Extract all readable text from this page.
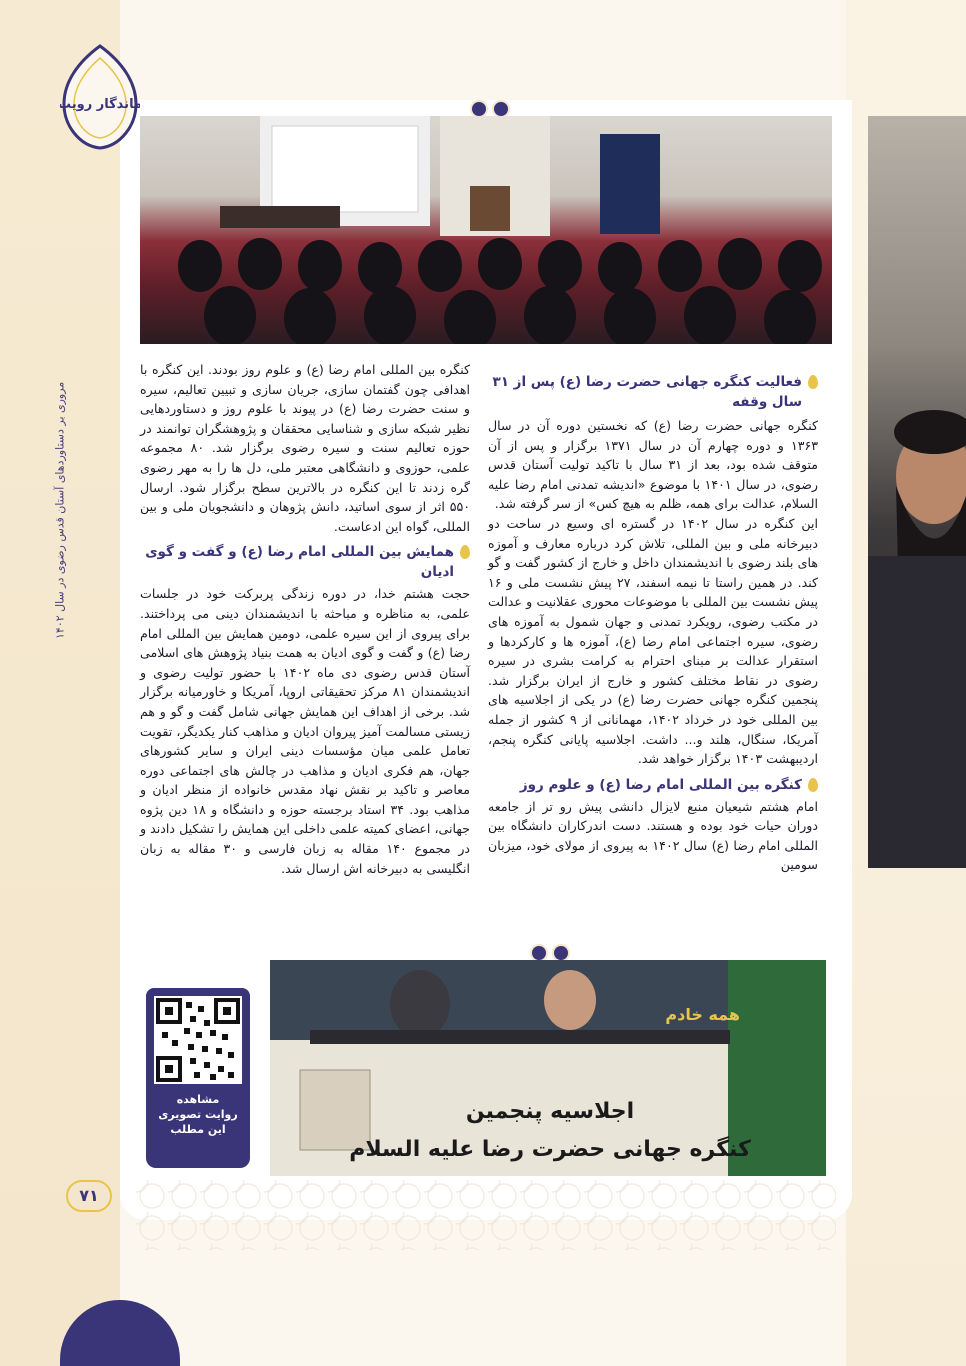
ماندگار رویت
مروری بر دستاوردهای آستان قدس رضوی در سال ۱۴۰۲	فعالیت کنگره جهانی حضرت رضا (ع) پس از ۳۱ سال وقفه

کنگره جهانی حضرت رضا (ع) که نخستین دوره آن در سال ۱۳۶۳ و دوره چهارم آن در سال ۱۳۷۱ برگزار و پس از آن متوقف شده بود، بعد از ۳۱ سال با تاکید تولیت آستان قدس رضوی، در سال ۱۴۰۱ با موضوع «اندیشه تمدنی امام رضا علیه السلام، عدالت برای همه، ظلم به هیچ کس» از سر گرفته شد.

این کنگره در سال ۱۴۰۲ در گستره ای وسیع در ساحت دو دبیرخانه ملی و بین المللی، تلاش کرد درباره معارف و آموزه های بلند رضوی با اندیشمندان داخل و خارج از کشور گفت و گو کند. در همین راستا تا نیمه اسفند، ۲۷ پیش نشست ملی و ۱۶ پیش نشست بین المللی با موضوعات محوری عقلانیت و عدالت در مکتب رضوی، رویکرد تمدنی و جهان شمول به آموزه های رضوی، سیره اجتماعی امام رضا (ع)، آموزه ها و کارکردها و استقرار عدالت بر مبنای احترام به کرامت بشری در سیره رضوی در نقاط مختلف کشور و خارج از ایران برگزار شد. پنجمین کنگره جهانی حضرت رضا (ع) در یکی از اجلاسیه های بین المللی خود در خرداد ۱۴۰۲، مهمانانی از ۹ کشور از جمله آمریکا، سنگال، هلند و... داشت. اجلاسیه پایانی کنگره پنجم، اردیبهشت ۱۴۰۳ برگزار خواهد شد.

کنگره بین المللی امام رضا (ع) و علوم روز

امام هشتم شیعیان منبع لایزال دانشی پیش رو تر از جامعه دوران حیات خود بوده و هستند. دست اندرکاران دانشگاه بین المللی امام رضا (ع) سال ۱۴۰۲ به پیروی از مولای خود، میزبان سومین

کنگره بین المللی امام رضا (ع) و علوم روز بودند. این کنگره با اهدافی چون گفتمان سازی، جریان سازی و تبیین تعالیم، سیره و سنت حضرت رضا (ع) در پیوند با علوم روز و دستاوردهایی نظیر شبکه سازی و شناسایی محققان و پژوهشگران توانمند در حوزه تعالیم سنت و سیره رضوی برگزار شد. ۸۰ مجموعه علمی، حوزوی و دانشگاهی معتبر ملی، دل ها را به مهر رضوی گره زدند تا این کنگره در بالاترین سطح برگزار شود. ارسال ۵۵۰ اثر از سوی اساتید، دانش پژوهان و دانشجویان ملی و بین المللی، گواه این ادعاست.

همایش بین المللی امام رضا (ع) و گفت و گوی ادیان

حجت هشتم خدا، در دوره زندگی پربرکت خود در جلسات علمی، به مناظره و مباحثه با اندیشمندان دینی می پرداختند. برای پیروی از این سیره علمی، دومین همایش بین المللی امام رضا (ع) و گفت و گوی ادیان به همت بنیاد پژوهش های اسلامی آستان قدس رضوی دی ماه ۱۴۰۲ با حضور تولیت رضوی و اندیشمندان ۸۱ مرکز تحقیقاتی اروپا، آمریکا و خاورمیانه برگزار شد. برخی از اهداف این همایش جهانی شامل گفت و گو و هم زیستی مسالمت آمیز پیروان ادیان و مذاهب کنار یکدیگر، تقویت تعامل علمی میان مؤسسات دینی ایران و سایر کشورهای جهان، هم فکری ادیان و مذاهب در چالش های اجتماعی دوره معاصر و تاکید بر نقش نهاد مقدس خانواده از منظر ادیان و مذاهب بود. ۳۴ استاد برجسته حوزه و دانشگاه و ۱۸ دین پژوه جهانی، اعضای کمیته علمی داخلی این همایش را تشکیل دادند و در مجموع ۱۴۰ مقاله به زبان فارسی و ۳۰ مقاله به زبان انگلیسی به دبیرخانه اش ارسال شد.

همه خادم
اجلاسیه پنجمین
کنگره جهانی حضرت رضا علیه السلام
مشاهده
روایت تصویری
این مطلب
۷۱
